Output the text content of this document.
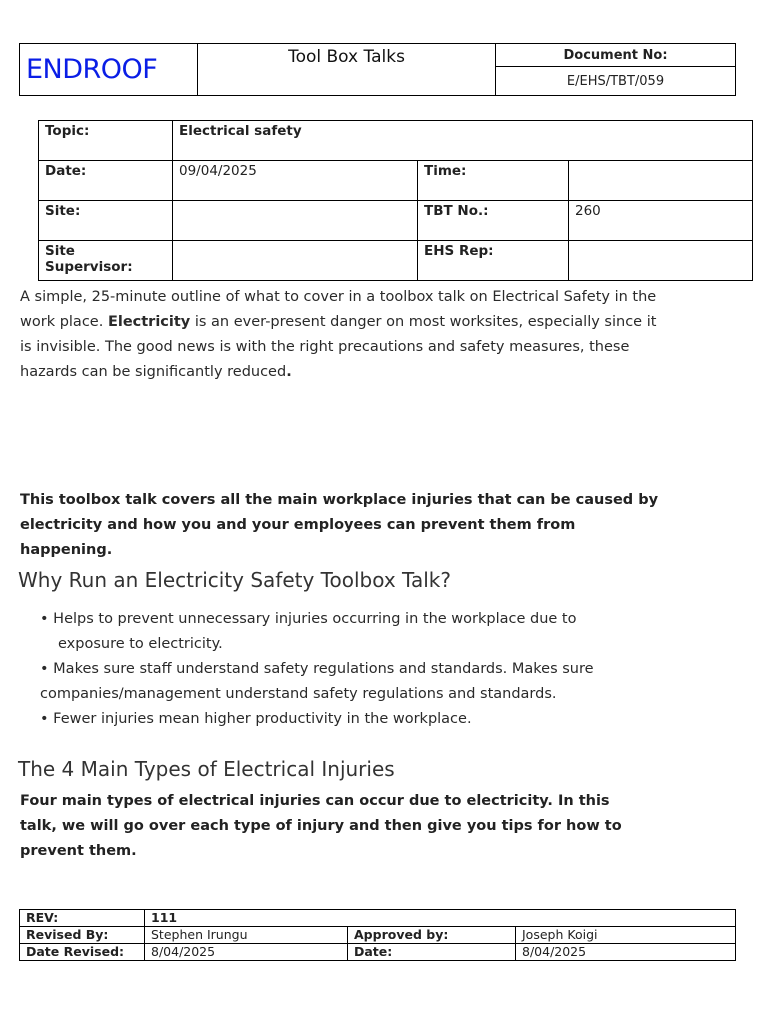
ENDROOF	Tool Box Talks	Document No:
E/EHS/TBT/059
Topic:	Electrical safety		
Date:	09/04/2025	Time:	
Site:		TBT No.:	260
Site Supervisor:		EHS Rep:	
A simple, 25-minute outline of what to cover in a toolbox talk on Electrical Safety in the work place. Electricity is an ever-present danger on most worksites, especially since it is invisible. The good news is with the right precautions and safety measures, these hazards can be significantly reduced.
This toolbox talk covers all the main workplace injuries that can be caused by electricity and how you and your employees can prevent them from happening.
Why Run an Electricity Safety Toolbox Talk?
• Helps to prevent unnecessary injuries occurring in the workplace due to
exposure to electricity.
• Makes sure staff understand safety regulations and standards. Makes sure
companies/management understand safety regulations and standards.
• Fewer injuries mean higher productivity in the workplace.
The 4 Main Types of Electrical Injuries
Four main types of electrical injuries can occur due to electricity. In this talk, we will go over each type of injury and then give you tips for how to prevent them.
REV:	111		
Revised By:	Stephen Irungu	Approved by:	Joseph Koigi
Date Revised:	8/04/2025	Date:	8/04/2025
